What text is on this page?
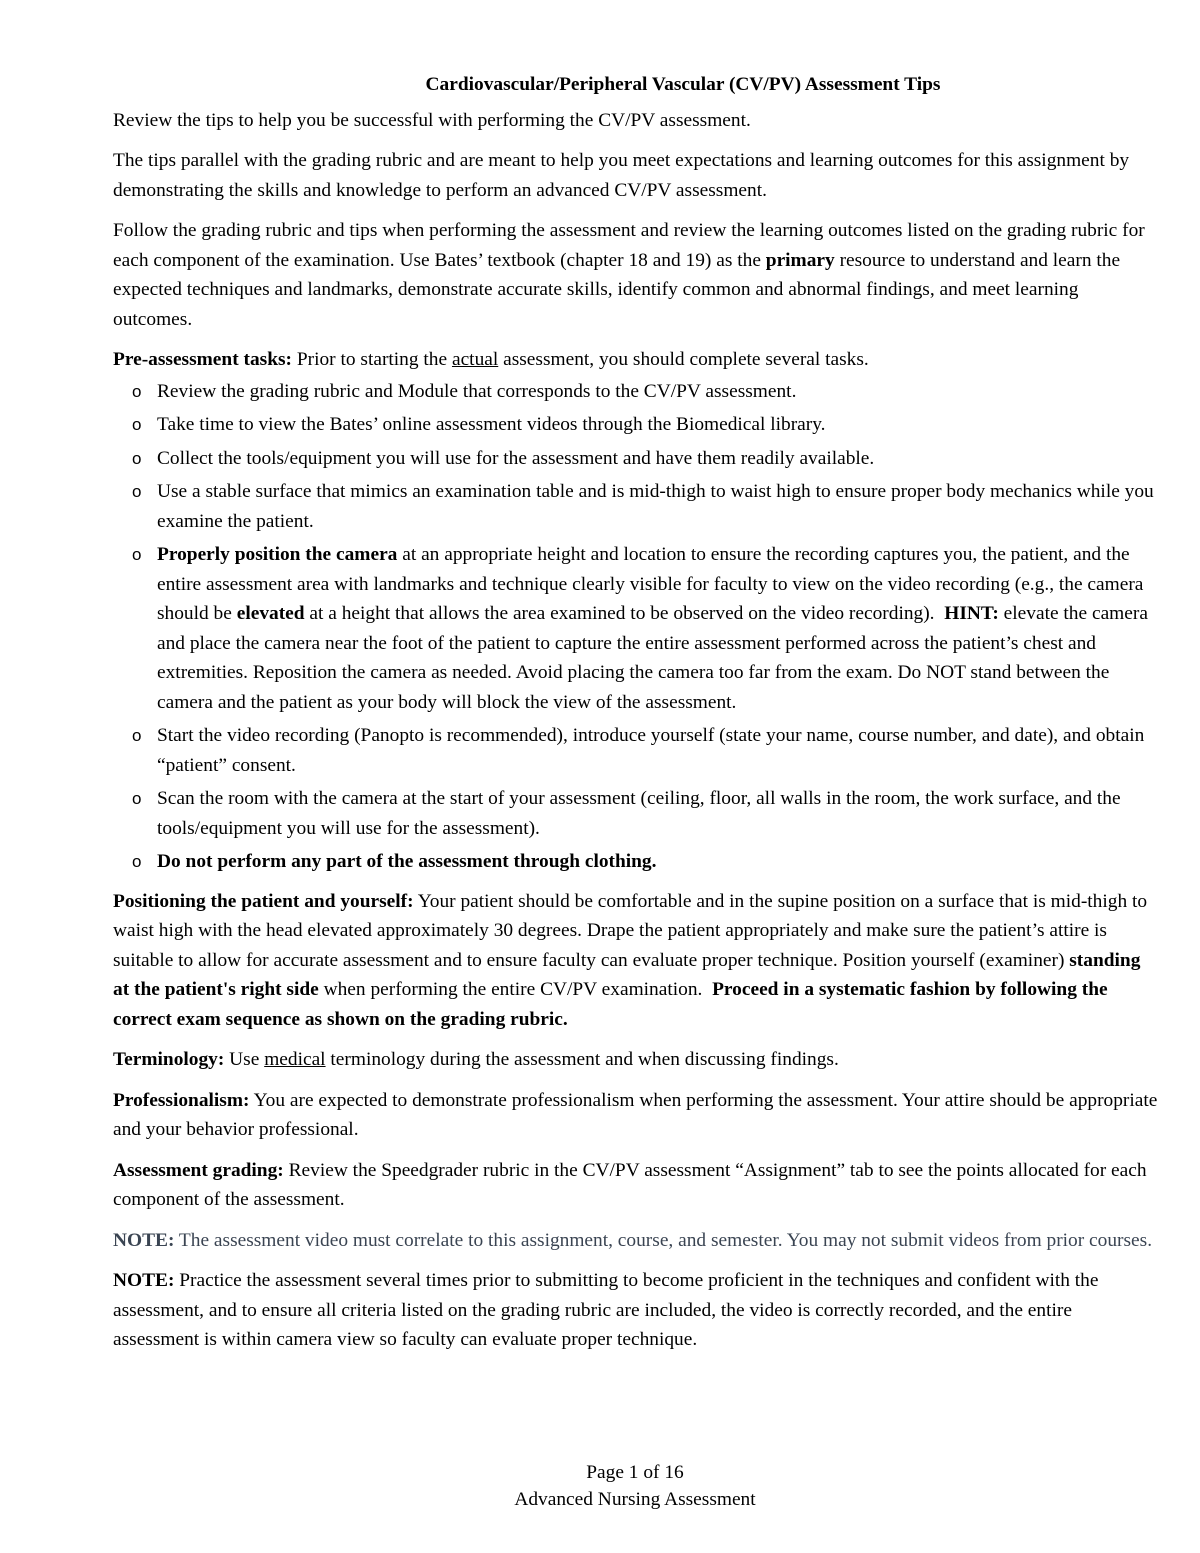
Cardiovascular/Peripheral Vascular (CV/PV) Assessment Tips

Review the tips to help you be successful with performing the CV/PV assessment.

The tips parallel with the grading rubric and are meant to help you meet expectations and learning outcomes for this assignment by demonstrating the skills and knowledge to perform an advanced CV/PV assessment.

Follow the grading rubric and tips when performing the assessment and review the learning outcomes listed on the grading rubric for each component of the examination. Use Bates’ textbook (chapter 18 and 19) as the primary resource to understand and learn the expected techniques and landmarks, demonstrate accurate skills, identify common and abnormal findings, and meet learning outcomes.

Pre-assessment tasks: Prior to starting the actual assessment, you should complete several tasks.

o Review the grading rubric and Module that corresponds to the CV/PV assessment.
o Take time to view the Bates’ online assessment videos through the Biomedical library.
o Collect the tools/equipment you will use for the assessment and have them readily available.
o Use a stable surface that mimics an examination table and is mid-thigh to waist high to ensure proper body mechanics while you examine the patient.
o Properly position the camera at an appropriate height and location to ensure the recording captures you, the patient, and the entire assessment area with landmarks and technique clearly visible for faculty to view on the video recording (e.g., the camera should be elevated at a height that allows the area examined to be observed on the video recording).  HINT: elevate the camera and place the camera near the foot of the patient to capture the entire assessment performed across the patient’s chest and extremities. Reposition the camera as needed. Avoid placing the camera too far from the exam. Do NOT stand between the camera and the patient as your body will block the view of the assessment.
o Start the video recording (Panopto is recommended), introduce yourself (state your name, course number, and date), and obtain “patient” consent.
o Scan the room with the camera at the start of your assessment (ceiling, floor, all walls in the room, the work surface, and the tools/equipment you will use for the assessment).
o Do not perform any part of the assessment through clothing.

Positioning the patient and yourself: Your patient should be comfortable and in the supine position on a surface that is mid-thigh to waist high with the head elevated approximately 30 degrees. Drape the patient appropriately and make sure the patient’s attire is suitable to allow for accurate assessment and to ensure faculty can evaluate proper technique. Position yourself (examiner) standing at the patient's right side when performing the entire CV/PV examination.  Proceed in a systematic fashion by following the correct exam sequence as shown on the grading rubric.

Terminology: Use medical terminology during the assessment and when discussing findings.

Professionalism: You are expected to demonstrate professionalism when performing the assessment. Your attire should be appropriate and your behavior professional.

Assessment grading: Review the Speedgrader rubric in the CV/PV assessment “Assignment” tab to see the points allocated for each component of the assessment.

NOTE: The assessment video must correlate to this assignment, course, and semester. You may not submit videos from prior courses.

NOTE: Practice the assessment several times prior to submitting to become proficient in the techniques and confident with the assessment, and to ensure all criteria listed on the grading rubric are included, the video is correctly recorded, and the entire assessment is within camera view so faculty can evaluate proper technique.

Page 1 of 16
Advanced Nursing Assessment
